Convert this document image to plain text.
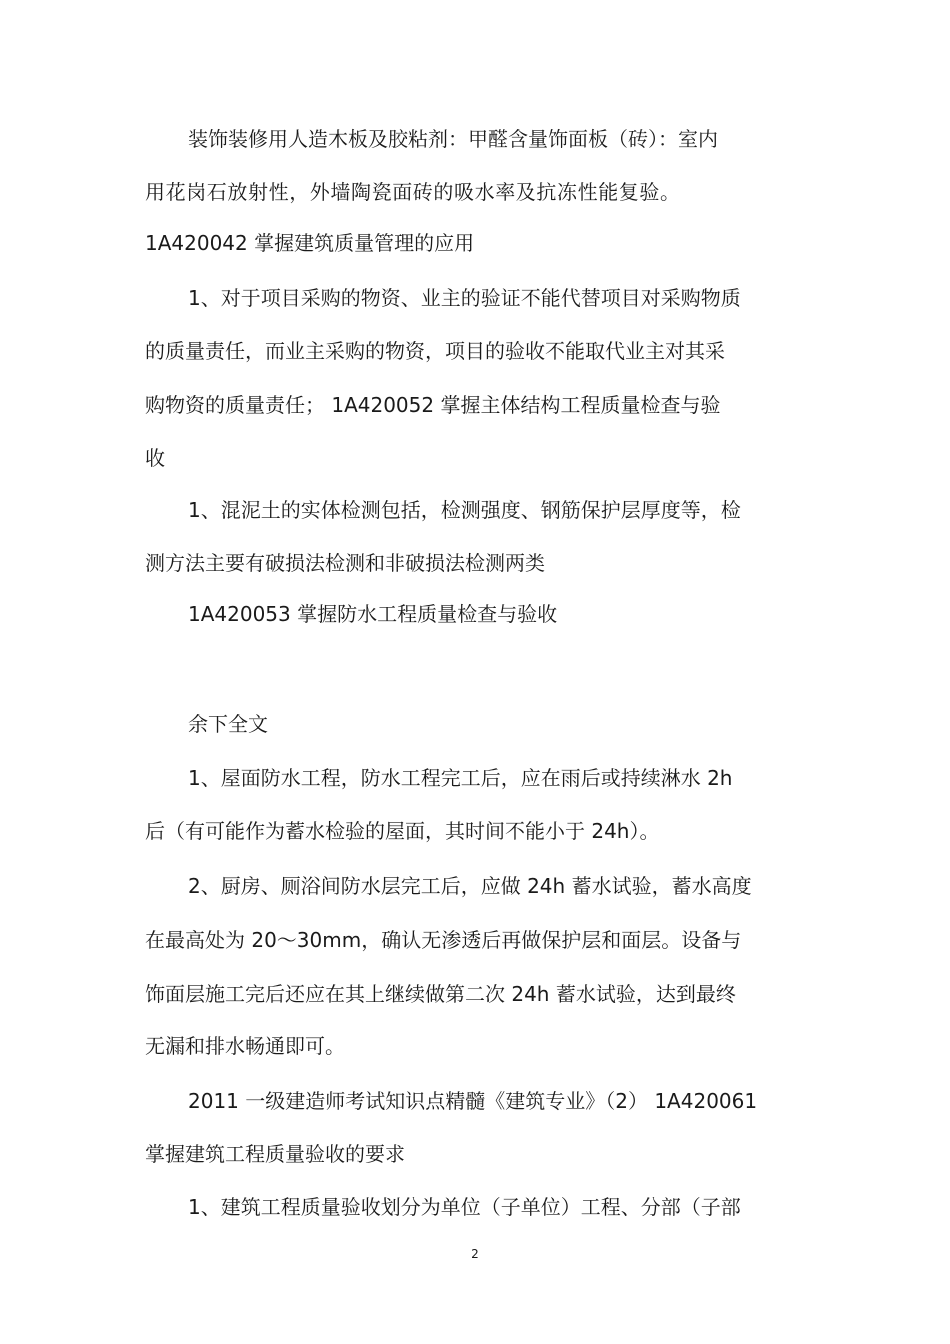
装饰装修用人造木板及胶粘剂：甲醛含量饰面板（砖）：室内
用花岗石放射性，外墙陶瓷面砖的吸水率及抗冻性能复验。
1A420042 掌握建筑质量管理的应用
1、对于项目采购的物资、业主的验证不能代替项目对采购物质
的质量责任，而业主采购的物资，项目的验收不能取代业主对其采
购物资的质量责任； 1A420052 掌握主体结构工程质量检查与验
收
1、混泥土的实体检测包括，检测强度、钢筋保护层厚度等，检
测方法主要有破损法检测和非破损法检测两类
1A420053 掌握防水工程质量检查与验收
余下全文
1、屋面防水工程，防水工程完工后，应在雨后或持续淋水 2h
后（有可能作为蓄水检验的屋面，其时间不能小于 24h）。
2、厨房、厕浴间防水层完工后，应做 24h 蓄水试验，蓄水高度
在最高处为 20～30mm，确认无渗透后再做保护层和面层。设备与
饰面层施工完后还应在其上继续做第二次 24h 蓄水试验，达到最终
无漏和排水畅通即可。
2011 一级建造师考试知识点精髓《建筑专业》（2） 1A420061
掌握建筑工程质量验收的要求
1、建筑工程质量验收划分为单位（子单位）工程、分部（子部
2
